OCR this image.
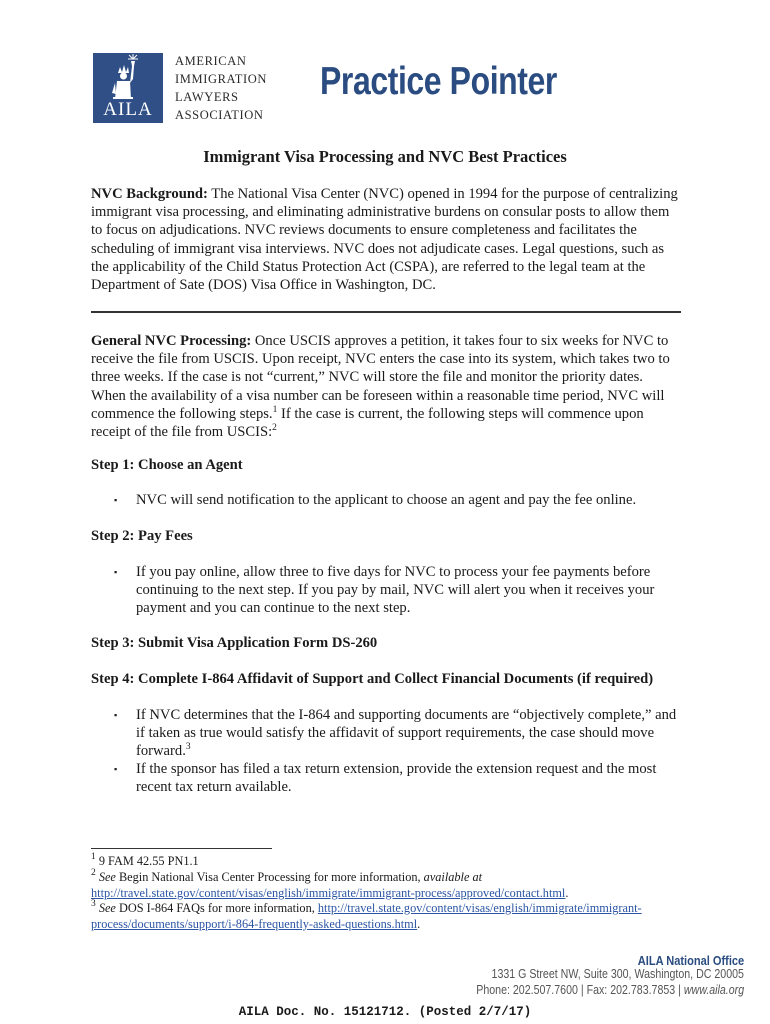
AILA
AMERICAN
IMMIGRATION
LAWYERS
ASSOCIATION
Practice Pointer
Immigrant Visa Processing and NVC Best Practices
NVC Background: The National Visa Center (NVC) opened in 1994 for the purpose of centralizing immigrant visa processing, and eliminating administrative burdens on consular posts to allow them to focus on adjudications. NVC reviews documents to ensure completeness and facilitates the scheduling of immigrant visa interviews. NVC does not adjudicate cases. Legal questions, such as the applicability of the Child Status Protection Act (CSPA), are referred to the legal team at the Department of Sate (DOS) Visa Office in Washington, DC.
General NVC Processing: Once USCIS approves a petition, it takes four to six weeks for NVC to receive the file from USCIS. Upon receipt, NVC enters the case into its system, which takes two to three weeks. If the case is not “current,” NVC will store the file and monitor the priority dates. When the availability of a visa number can be foreseen within a reasonable time period, NVC will commence the following steps.$^1$ If the case is current, the following steps will commence upon receipt of the file from USCIS:$^2$
Step 1: Choose an Agent
▪ NVC will send notification to the applicant to choose an agent and pay the fee online.
Step 2: Pay Fees
▪ If you pay online, allow three to five days for NVC to process your fee payments before continuing to the next step. If you pay by mail, NVC will alert you when it receives your payment and you can continue to the next step.
Step 3: Submit Visa Application Form DS-260
Step 4: Complete I-864 Affidavit of Support and Collect Financial Documents (if required)
▪ If NVC determines that the I-864 and supporting documents are “objectively complete,” and if taken as true would satisfy the affidavit of support requirements, the case should move forward.$^3$
▪ If the sponsor has filed a tax return extension, provide the extension request and the most recent tax return available.
$^1$ 9 FAM 42.55 PN1.1
$^2$ See Begin National Visa Center Processing for more information, available at
http://travel.state.gov/content/visas/english/immigrate/immigrant-process/approved/contact.html.
$^3$ See DOS I-864 FAQs for more information, http://travel.state.gov/content/visas/english/immigrate/immigrant-process/documents/support/i-864-frequently-asked-questions.html.
AILA National Office
1331 G Street NW, Suite 300, Washington, DC 20005
Phone: 202.507.7600 | Fax: 202.783.7853 | www.aila.org
AILA Doc. No. 15121712. (Posted 2/7/17)
